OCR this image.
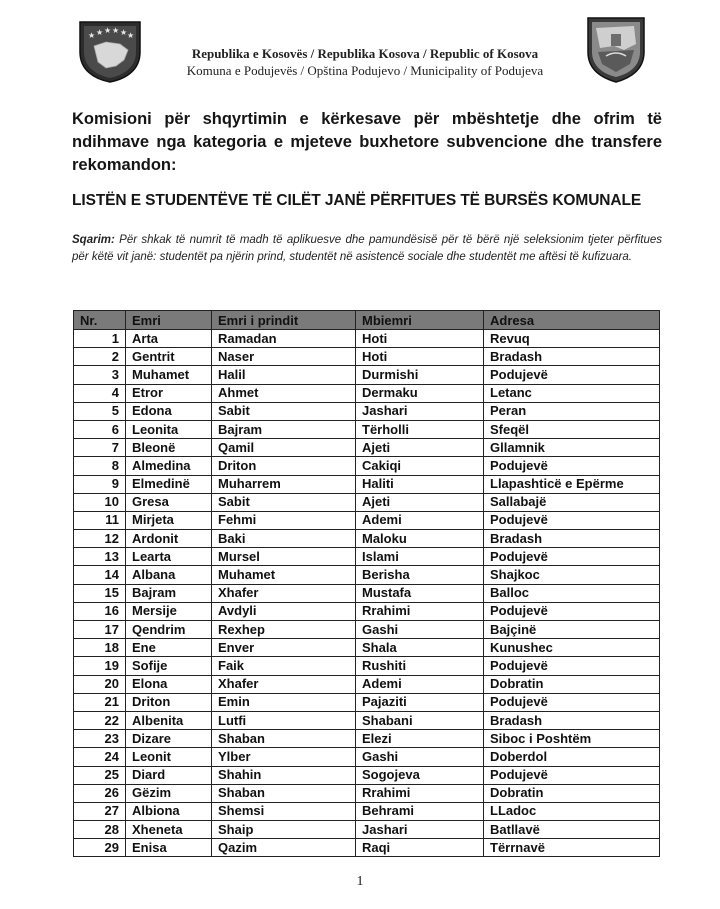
★ ★ ★ ★ ★ ★
Republika e Kosovës / Republika Kosova / Republic of Kosova
Komuna e Podujevës / Opština Podujevo / Municipality of Podujeva
Komisioni për shqyrtimin e kërkesave për mbështetje dhe ofrim të ndihmave nga kategoria e mjeteve buxhetore subvencione dhe transfere rekomandon:
LISTËN E STUDENTËVE TË CILËT JANË PËRFITUES TË BURSËS KOMUNALE
Sqarim: Për shkak të numrit të madh të aplikuesve dhe pamundësisë për të bërë një seleksionim tjeter përfitues për këtë vit janë: studentët pa njërin prind, studentët në asistencë sociale dhe studentët me aftësi të kufizuara.
Nr.	Emri	Emri i prindit	Mbiemri	Adresa
1	Arta	Ramadan	Hoti	Revuq
2	Gentrit	Naser	Hoti	Bradash
3	Muhamet	Halil	Durmishi	Podujevë
4	Etror	Ahmet	Dermaku	Letanc
5	Edona	Sabit	Jashari	Peran
6	Leonita	Bajram	Tërholli	Sfeqël
7	Bleonë	Qamil	Ajeti	Gllamnik
8	Almedina	Driton	Cakiqi	Podujevë
9	Elmedinë	Muharrem	Haliti	Llapashticë e Epërme
10	Gresa	Sabit	Ajeti	Sallabajë
11	Mirjeta	Fehmi	Ademi	Podujevë
12	Ardonit	Baki	Maloku	Bradash
13	Learta	Mursel	Islami	Podujevë
14	Albana	Muhamet	Berisha	Shajkoc
15	Bajram	Xhafer	Mustafa	Balloc
16	Mersije	Avdyli	Rrahimi	Podujevë
17	Qendrim	Rexhep	Gashi	Bajçinë
18	Ene	Enver	Shala	Kunushec
19	Sofije	Faik	Rushiti	Podujevë
20	Elona	Xhafer	Ademi	Dobratin
21	Driton	Emin	Pajaziti	Podujevë
22	Albenita	Lutfi	Shabani	Bradash
23	Dizare	Shaban	Elezi	Siboc i Poshtëm
24	Leonit	Ylber	Gashi	Doberdol
25	Diard	Shahin	Sogojeva	Podujevë
26	Gëzim	Shaban	Rrahimi	Dobratin
27	Albiona	Shemsi	Behrami	LLadoc
28	Xheneta	Shaip	Jashari	Batllavë
29	Enisa	Qazim	Raqi	Tërrnavë
1
